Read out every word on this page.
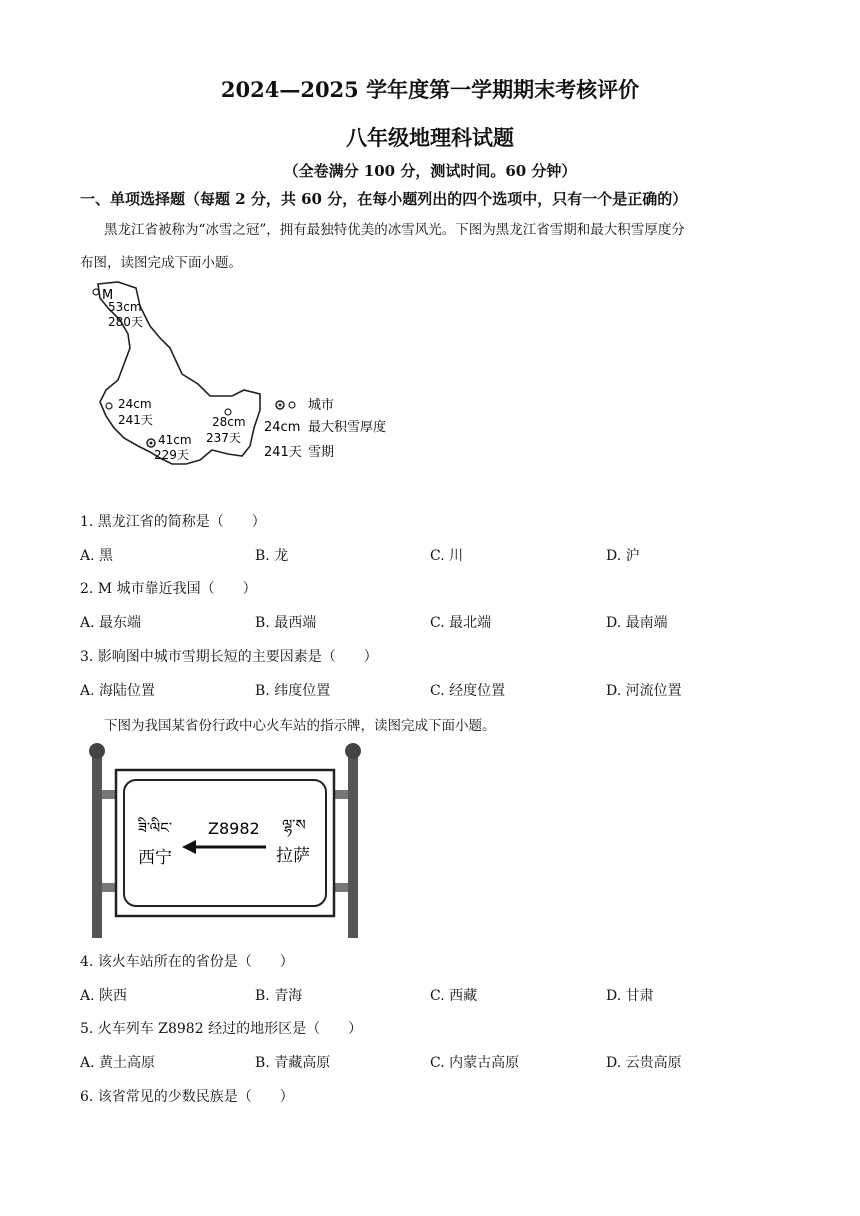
2024—2025 学年度第一学期期末考核评价
八年级地理科试题
（全卷满分 100 分，测试时间。60 分钟）
一、单项选择题（每题 2 分，共 60 分，在每小题列出的四个选项中，只有一个是正确的）
黑龙江省被称为“冰雪之冠”，拥有最独特优美的冰雪风光。下图为黑龙江省雪期和最大积雪厚度分
布图，读图完成下面小题。
M
53cm
280天
24cm
241天
41cm
229天
28cm
237天
城市
24cm 最大积雪厚度
241天 雪期
1. 黑龙江省的简称是（　　）
A. 黑	B. 龙	C. 川	D. 沪
2. M 城市靠近我国（　　）
A. 最东端	B. 最西端	C. 最北端	D. 最南端
3. 影响图中城市雪期长短的主要因素是（　　）
A. 海陆位置	B. 纬度位置	C. 经度位置	D. 河流位置
下图为我国某省份行政中心火车站的指示牌，读图完成下面小题。
ཟི་ལིང་	ལྷ་ས
Z8982
西宁	拉萨
4. 该火车站所在的省份是（　　）
A. 陕西	B. 青海	C. 西藏	D. 甘肃
5. 火车列车 Z8982 经过的地形区是（　　）
A. 黄土高原	B. 青藏高原	C. 内蒙古高原	D. 云贵高原
6. 该省常见的少数民族是（　　）
